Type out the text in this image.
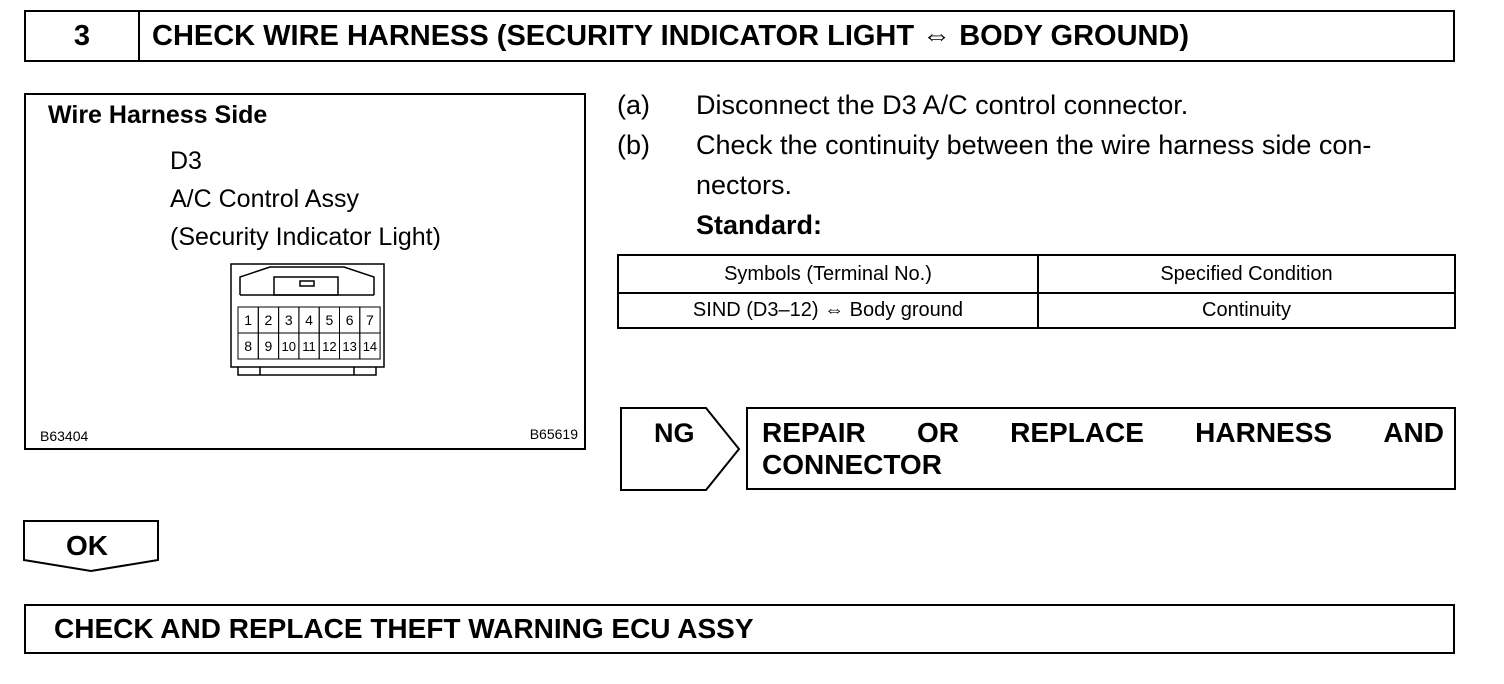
3	CHECK WIRE HARNESS (SECURITY INDICATOR LIGHT ⇔ BODY GROUND)
Wire Harness Side
D3
A/C Control Assy
(Security Indicator Light)
1 2 3 4 5 6 7
8 9 10 11 12 13 14
B63404	B65619
(a) Disconnect the D3 A/C control connector.
(b) Check the continuity between the wire harness side con-
nectors.
Standard:
Symbols (Terminal No.)	Specified Condition
SIND (D3–12) ⇔ Body ground	Continuity
NG REPAIR OR REPLACE HARNESS AND
CONNECTOR
OK
CHECK AND REPLACE THEFT WARNING ECU ASSY
